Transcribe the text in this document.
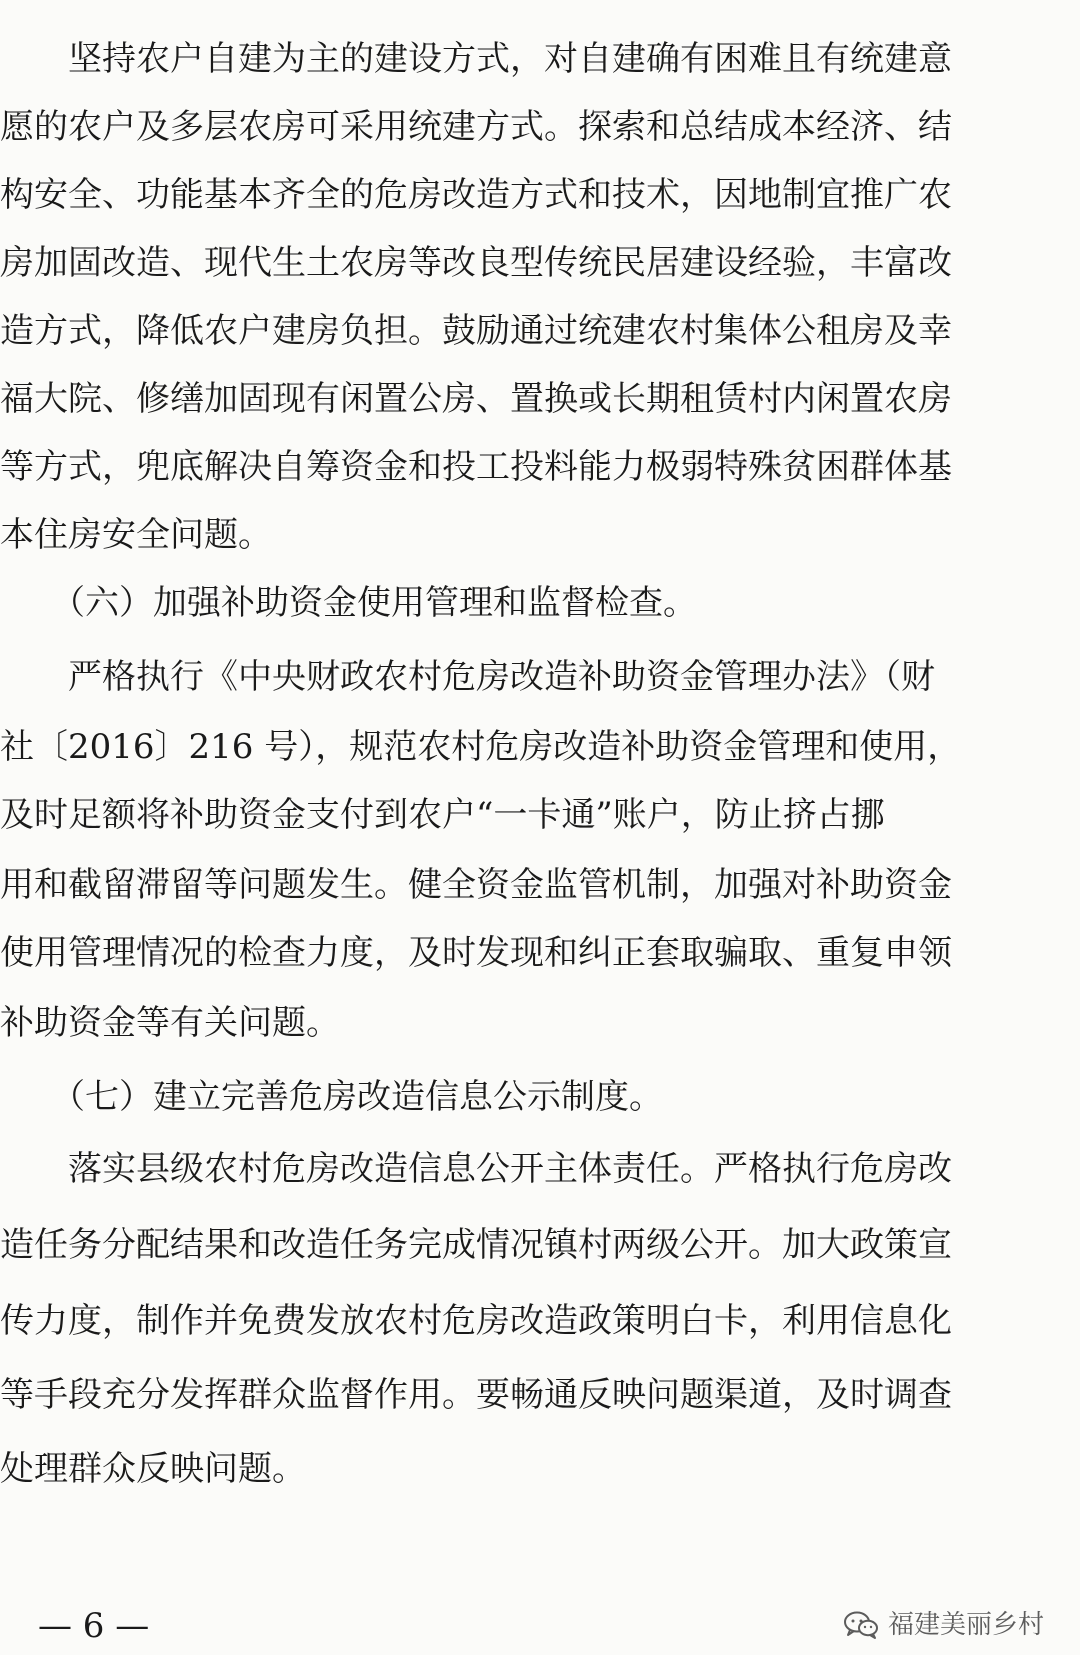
　　坚持农户自建为主的建设方式，对自建确有困难且有统建意
愿的农户及多层农房可采用统建方式。探索和总结成本经济、结
构安全、功能基本齐全的危房改造方式和技术，因地制宜推广农
房加固改造、现代生土农房等改良型传统民居建设经验，丰富改
造方式，降低农户建房负担。鼓励通过统建农村集体公租房及幸
福大院、修缮加固现有闲置公房、置换或长期租赁村内闲置农房
等方式，兜底解决自筹资金和投工投料能力极弱特殊贫困群体基
本住房安全问题。
　　（六）加强补助资金使用管理和监督检查。
　　严格执行《中央财政农村危房改造补助资金管理办法》（财
社〔2016〕216 号），规范农村危房改造补助资金管理和使用，
及时足额将补助资金支付到农户“一卡通”账户，防止挤占挪
用和截留滞留等问题发生。健全资金监管机制，加强对补助资金
使用管理情况的检查力度，及时发现和纠正套取骗取、重复申领
补助资金等有关问题。
　　（七）建立完善危房改造信息公示制度。
　　落实县级农村危房改造信息公开主体责任。严格执行危房改
造任务分配结果和改造任务完成情况镇村两级公开。加大政策宣
传力度，制作并免费发放农村危房改造政策明白卡，利用信息化
等手段充分发挥群众监督作用。要畅通反映问题渠道，及时调查
处理群众反映问题。
— 6 —	福建美丽乡村
